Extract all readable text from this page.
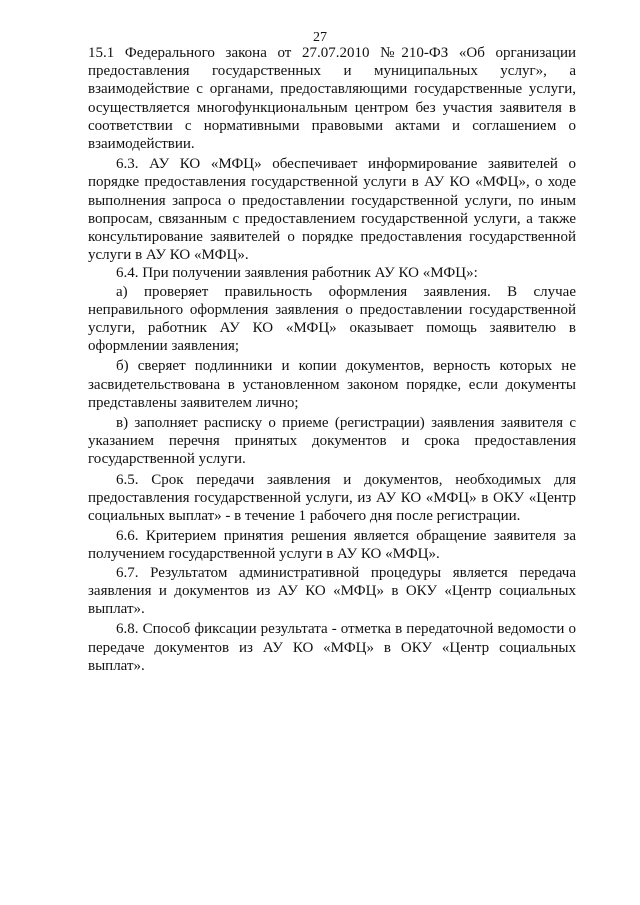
27

15.1 Федерального закона от 27.07.2010 №210-ФЗ «Об организации предоставления государственных и муниципальных услуг», а взаимодействие с органами, предоставляющими государственные услуги, осуществляется многофункциональным центром без участия заявителя в соответствии с нормативными правовыми актами и соглашением о взаимодействии.

6.3. АУ КО «МФЦ» обеспечивает информирование заявителей о порядке предоставления государственной услуги в АУ КО «МФЦ», о ходе выполнения запроса о предоставлении государственной услуги, по иным вопросам, связанным с предоставлением государственной услуги, а также консультирование заявителей о порядке предоставления государственной услуги в АУ КО «МФЦ».

6.4. При получении заявления работник АУ КО «МФЦ»:

а) проверяет правильность оформления заявления. В случае неправильного оформления заявления о предоставлении государственной услуги, работник АУ КО «МФЦ» оказывает помощь заявителю в оформлении заявления;

б) сверяет подлинники и копии документов, верность которых не засвидетельствована в установленном законом порядке, если документы представлены заявителем лично;

в) заполняет расписку о приеме (регистрации) заявления заявителя с указанием перечня принятых документов и срока предоставления государственной услуги.

6.5. Срок передачи заявления и документов, необходимых для предоставления государственной услуги, из АУ КО «МФЦ» в ОКУ «Центр социальных выплат» - в течение 1 рабочего дня после регистрации.

6.6. Критерием принятия решения является обращение заявителя за получением государственной услуги в АУ КО «МФЦ».

6.7. Результатом административной процедуры является передача заявления и документов из АУ КО «МФЦ» в ОКУ «Центр социальных выплат».

6.8. Способ фиксации результата - отметка в передаточной ведомости о передаче документов из АУ КО «МФЦ» в ОКУ «Центр социальных выплат».
